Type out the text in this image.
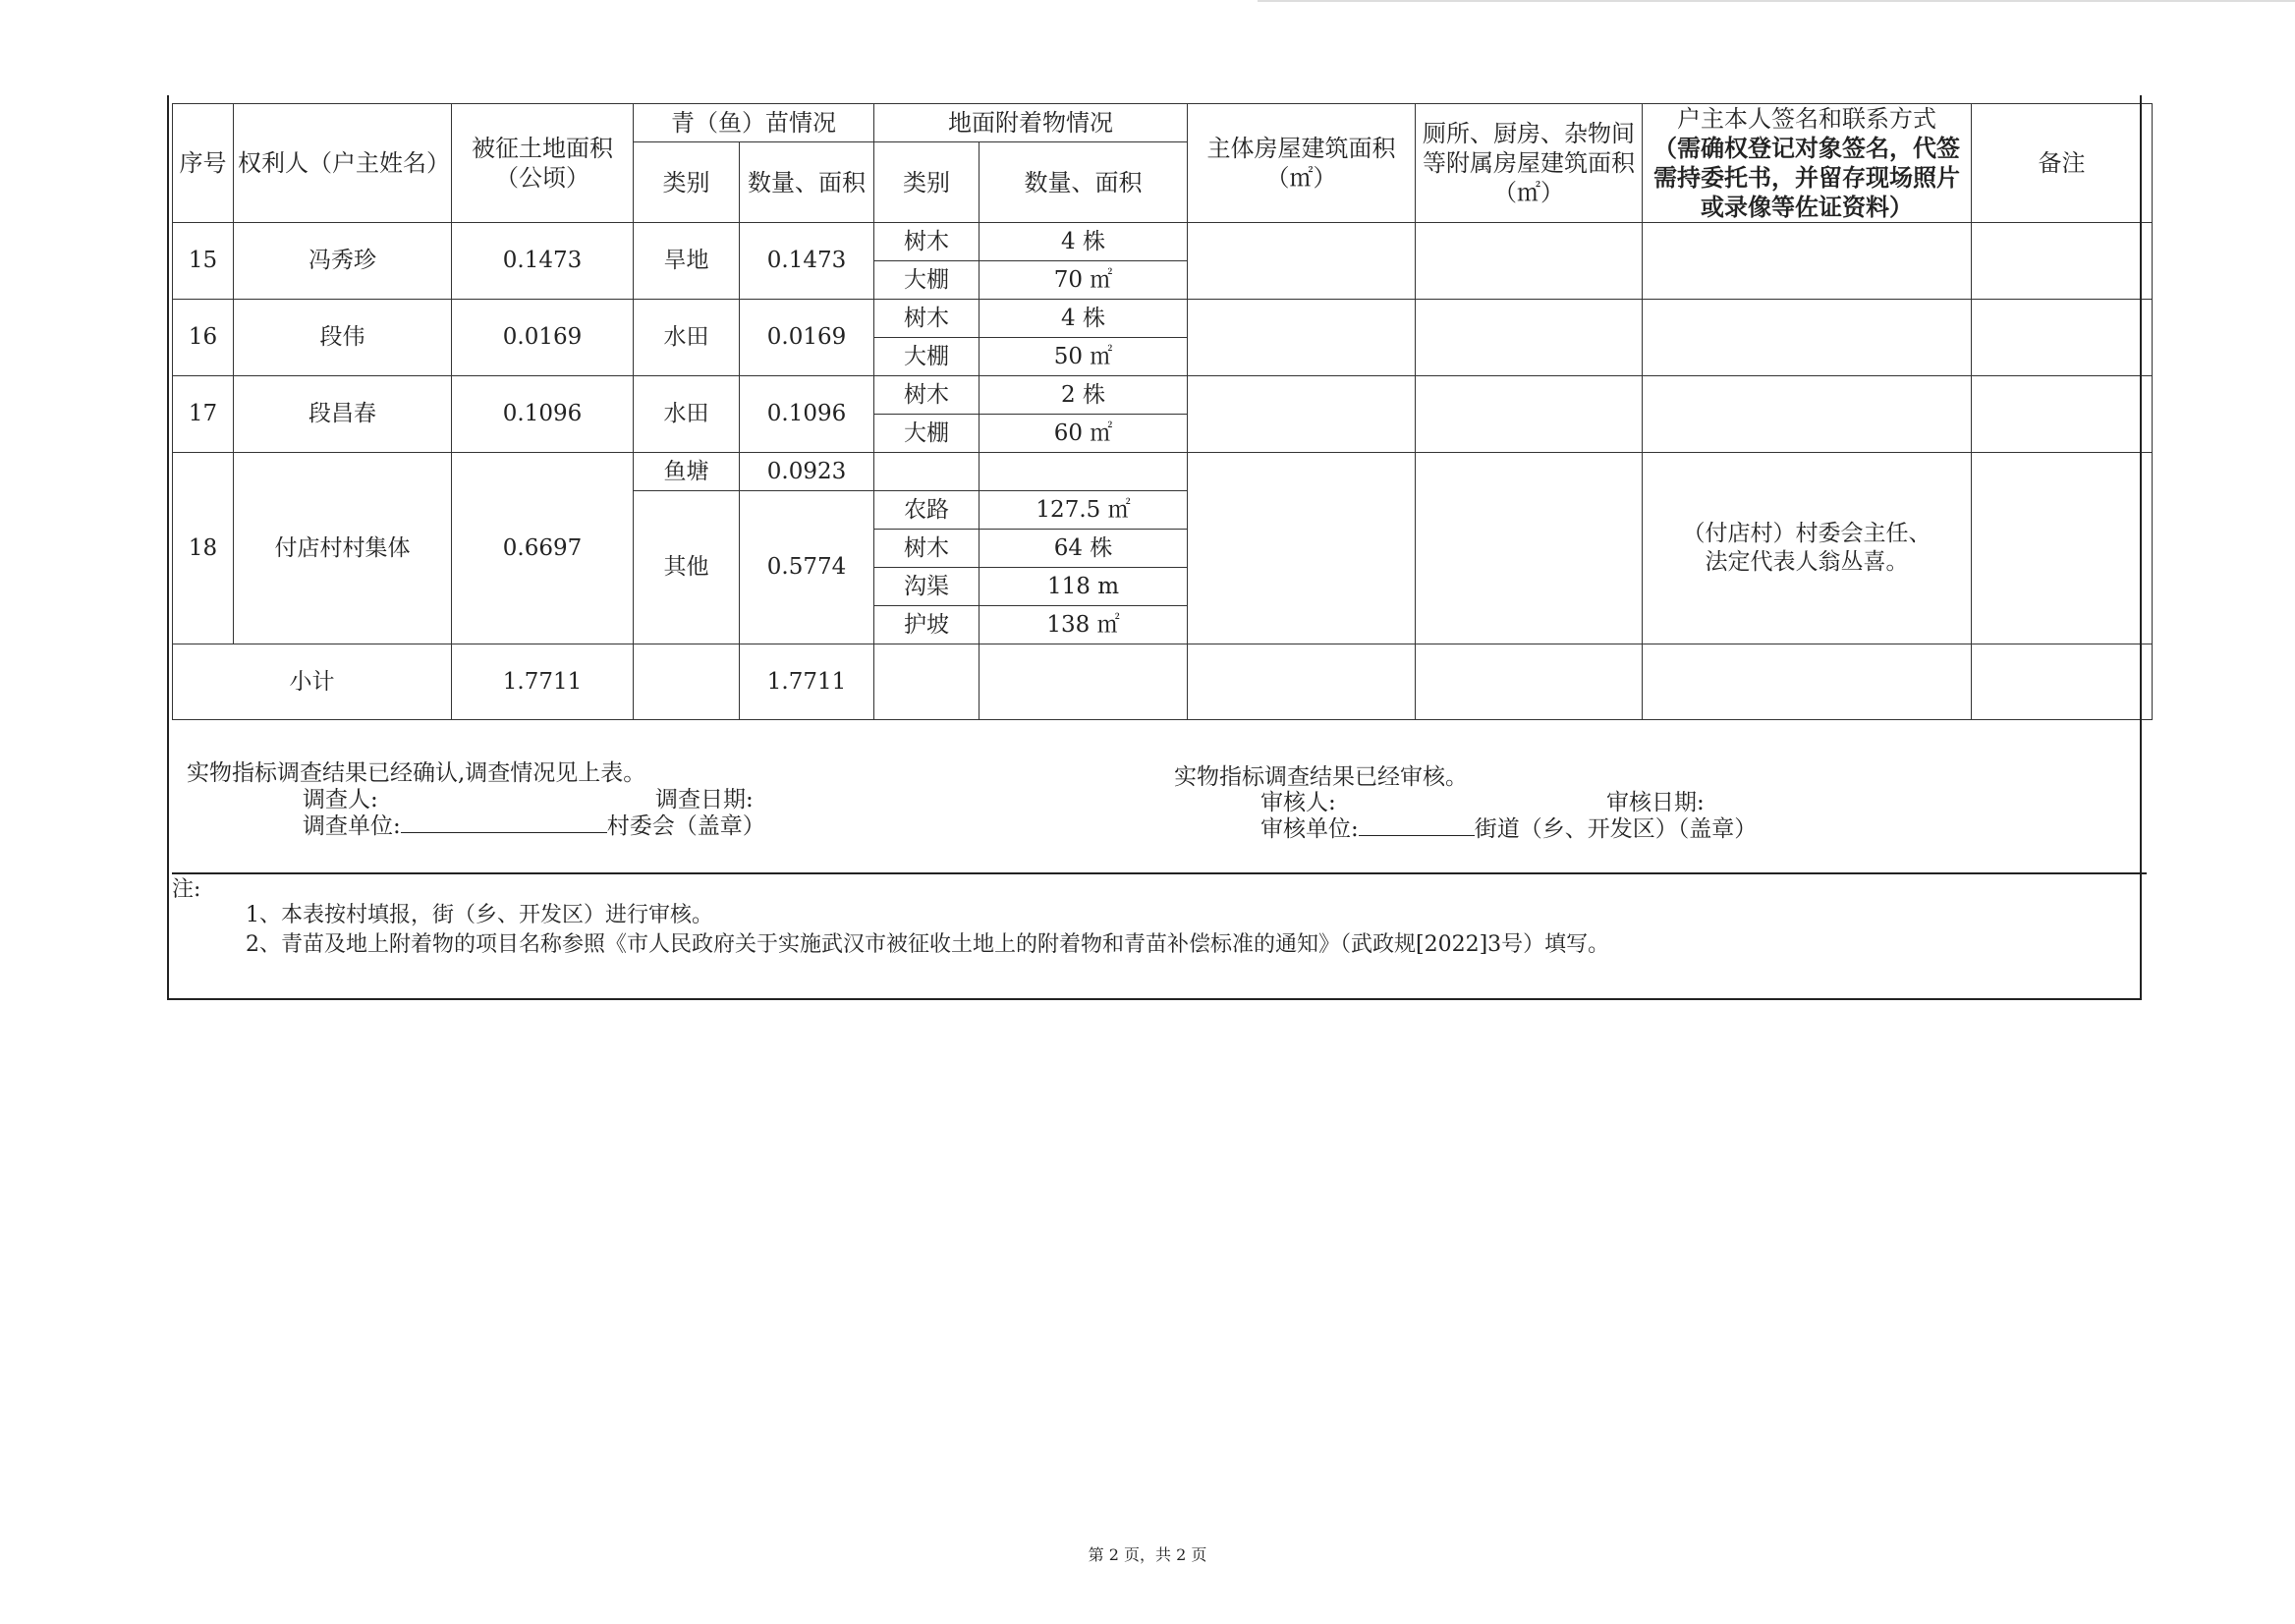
序号	权利人（户主姓名）	被征土地面积（公顷）	青（鱼）苗情况		地面附着物情况		主体房屋建筑面积（㎡）	厕所、厨房、杂物间等附属房屋建筑面积（㎡）	户主本人签名和联系方式
（需确权登记对象签名，代签需持委托书，并留存现场照片或录像等佐证资料）	备注
			类别	数量、面积	类别	数量、面积				
15	冯秀珍	0.1473	旱地	0.1473	树木	4 株				
					大棚	70 ㎡				
16	段伟	0.0169	水田	0.0169	树木	4 株				
					大棚	50 ㎡				
17	段昌春	0.1096	水田	0.1096	树木	2 株				
					大棚	60 ㎡				
18	付店村村集体	0.6697	鱼塘	0.0923					（付店村）村委会主任、法定代表人翁丛喜。	
			其他	0.5774	农路	127.5 ㎡				
					树木	64 株				
					沟渠	118 m				
					护坡	138 ㎡				
小计		1.7711		1.7711						
实物指标调查结果已经确认,调查情况见上表。
调查人:	调查日期:
调查单位:	村委会（盖章）
实物指标调查结果已经审核。
审核人:	审核日期:
审核单位:	街道（乡、开发区）（盖章）
注:
1、本表按村填报，街（乡、开发区）进行审核。
2、青苗及地上附着物的项目名称参照《市人民政府关于实施武汉市被征收土地上的附着物和青苗补偿标准的通知》（武政规[2022]3号）填写。
第 2 页，共 2 页
